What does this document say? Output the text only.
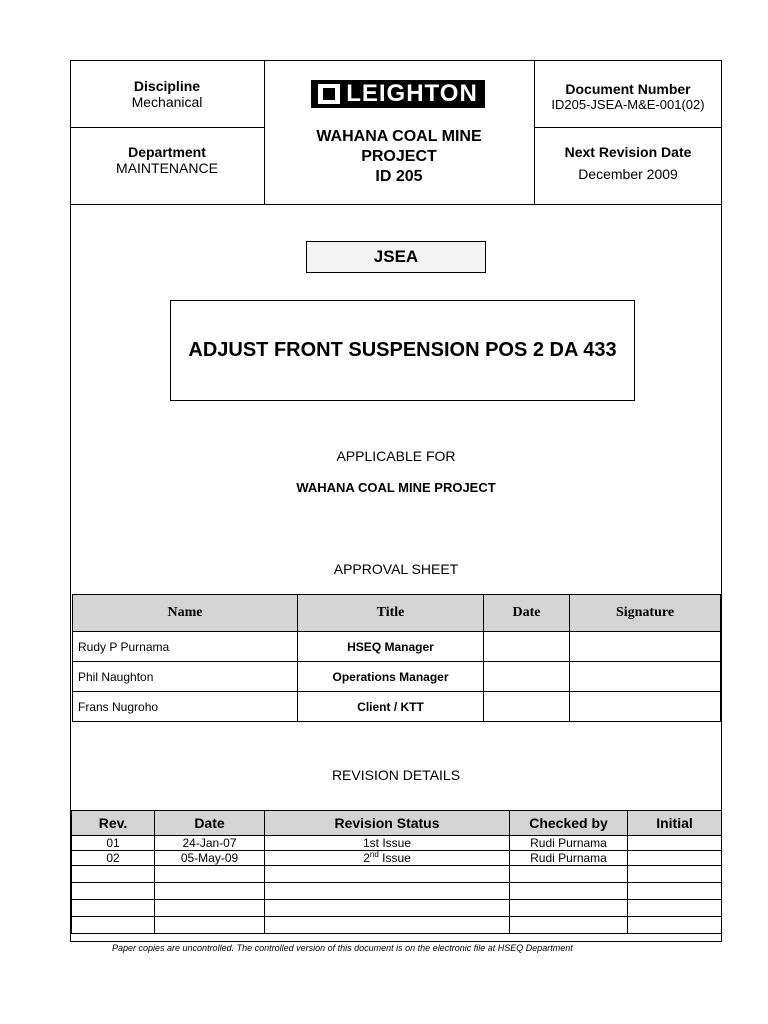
Discipline
Mechanical
Department
MAINTENANCE
LEIGHTON
WAHANA COAL MINE
PROJECT
ID 205
Document Number
ID205-JSEA-M&E-001(02)
Next Revision Date
December 2009
JSEA
ADJUST FRONT SUSPENSION POS 2 DA 433
APPLICABLE FOR
WAHANA COAL MINE PROJECT
APPROVAL SHEET
Name	Title	Date	Signature
Rudy P Purnama	HSEQ Manager		
Phil Naughton	Operations Manager		
Frans Nugroho	Client / KTT		
REVISION DETAILS
Rev.	Date	Revision Status	Checked by	Initial
01	24-Jan-07	1st Issue	Rudi Purnama	
02	05-May-09	2nd Issue	Rudi Purnama	

Paper copies are uncontrolled. The controlled version of this document is on the electronic file at HSEQ Department
